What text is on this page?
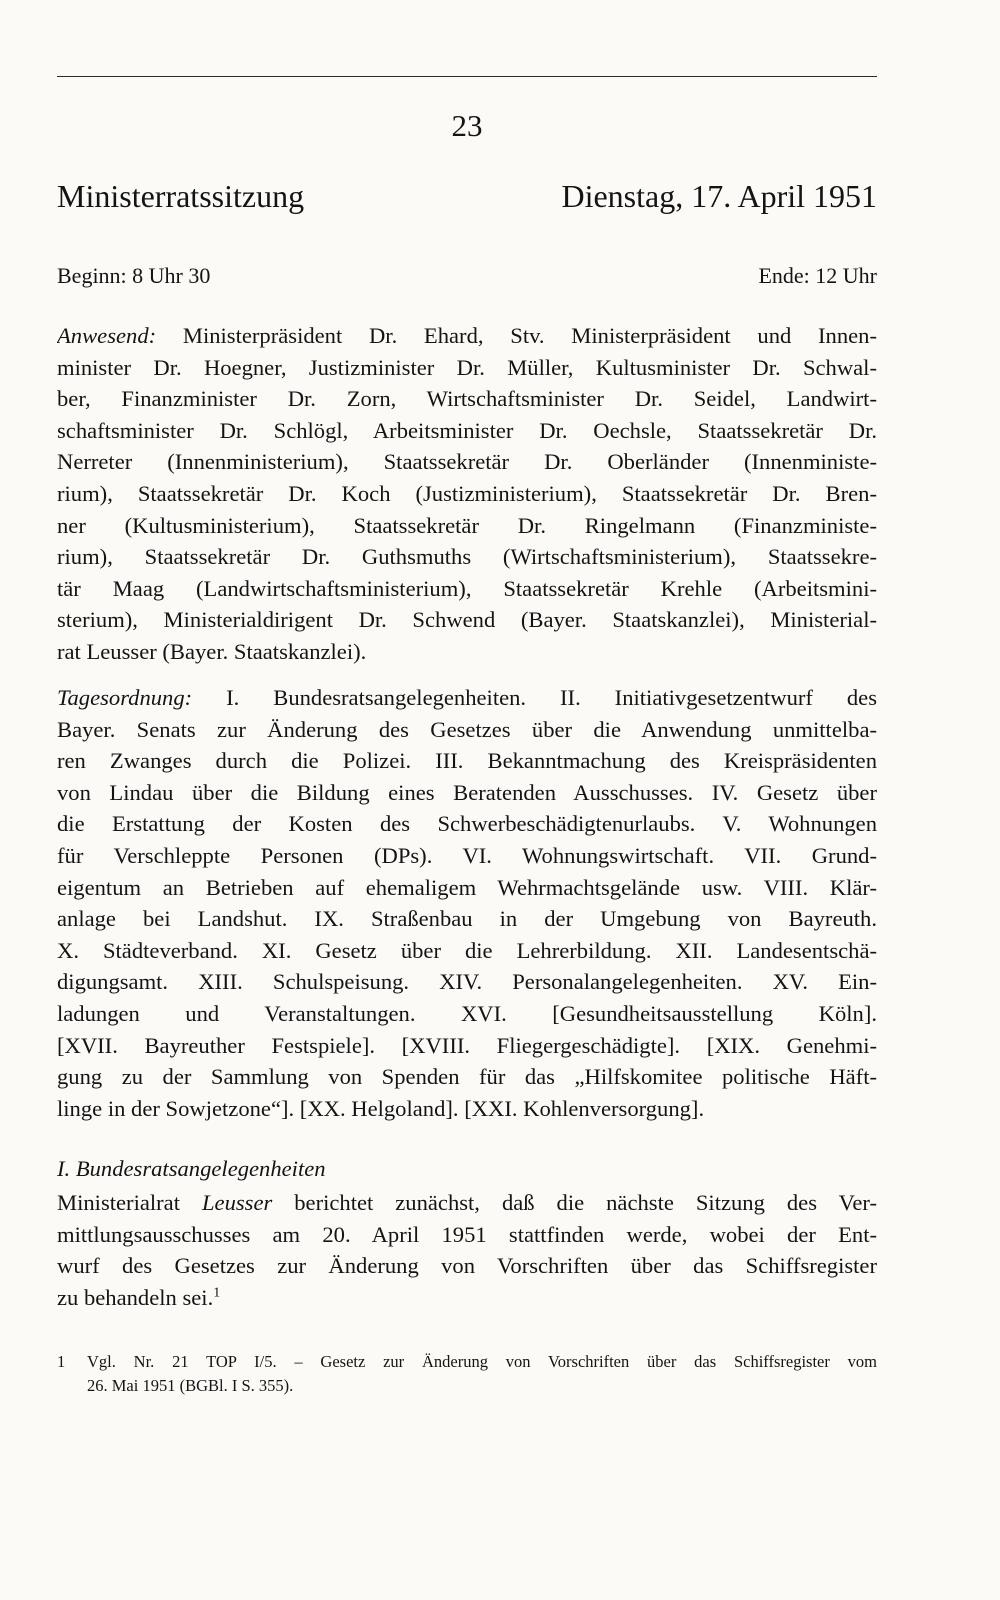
23
Ministerratssitzung	Dienstag, 17. April 1951
Beginn: 8 Uhr 30	Ende: 12 Uhr
Anwesend: Ministerpräsident Dr. Ehard, Stv. Ministerpräsident und Innen-
minister Dr. Hoegner, Justizminister Dr. Müller, Kultusminister Dr. Schwal-
ber, Finanzminister Dr. Zorn, Wirtschaftsminister Dr. Seidel, Landwirt-
schaftsminister Dr. Schlögl, Arbeitsminister Dr. Oechsle, Staatssekretär Dr.
Nerreter (Innenministerium), Staatssekretär Dr. Oberländer (Innenministe-
rium), Staatssekretär Dr. Koch (Justizministerium), Staatssekretär Dr. Bren-
ner (Kultusministerium), Staatssekretär Dr. Ringelmann (Finanzministe-
rium), Staatssekretär Dr. Guthsmuths (Wirtschaftsministerium), Staatssekre-
tär Maag (Landwirtschaftsministerium), Staatssekretär Krehle (Arbeitsmini-
sterium), Ministerialdirigent Dr. Schwend (Bayer. Staatskanzlei), Ministerial-
rat Leusser (Bayer. Staatskanzlei).
Tagesordnung: I. Bundesratsangelegenheiten. II. Initiativgesetzentwurf des
Bayer. Senats zur Änderung des Gesetzes über die Anwendung unmittelba-
ren Zwanges durch die Polizei. III. Bekanntmachung des Kreispräsidenten
von Lindau über die Bildung eines Beratenden Ausschusses. IV. Gesetz über
die Erstattung der Kosten des Schwerbeschädigtenurlaubs. V. Wohnungen
für Verschleppte Personen (DPs). VI. Wohnungswirtschaft. VII. Grund-
eigentum an Betrieben auf ehemaligem Wehrmachtsgelände usw. VIII. Klär-
anlage bei Landshut. IX. Straßenbau in der Umgebung von Bayreuth.
X. Städteverband. XI. Gesetz über die Lehrerbildung. XII. Landesentschä-
digungsamt. XIII. Schulspeisung. XIV. Personalangelegenheiten. XV. Ein-
ladungen und Veranstaltungen. XVI. [Gesundheitsausstellung Köln].
[XVII. Bayreuther Festspiele]. [XVIII. Fliegergeschädigte]. [XIX. Genehmi-
gung zu der Sammlung von Spenden für das „Hilfskomitee politische Häft-
linge in der Sowjetzone“]. [XX. Helgoland]. [XXI. Kohlenversorgung].
I. Bundesratsangelegenheiten
Ministerialrat Leusser berichtet zunächst, daß die nächste Sitzung des Ver-
mittlungsausschusses am 20. April 1951 stattfinden werde, wobei der Ent-
wurf des Gesetzes zur Änderung von Vorschriften über das Schiffsregister
zu behandeln sei.$^1$
1 Vgl. Nr. 21 TOP I/5. – Gesetz zur Änderung von Vorschriften über das Schiffsregister vom
26. Mai 1951 (BGBl. I S. 355).
